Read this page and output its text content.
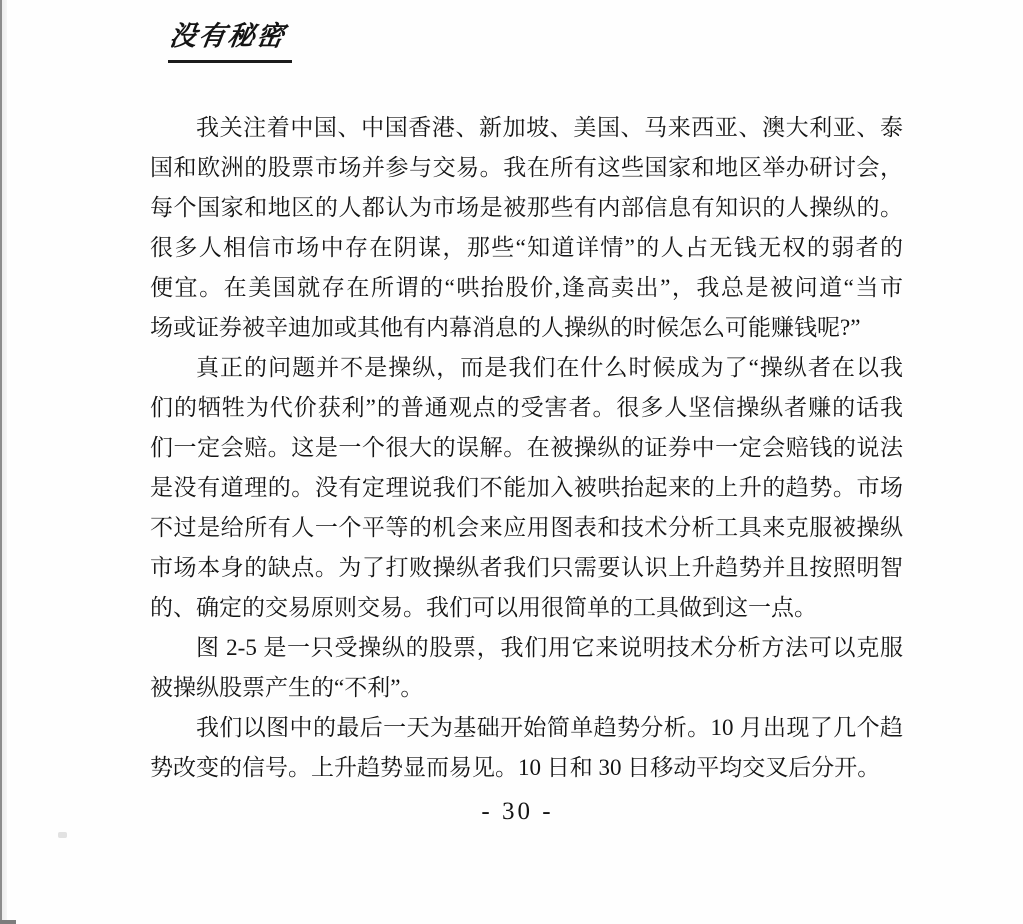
没有秘密
我关注着中国、中国香港、新加坡、美国、马来西亚、澳大利亚、泰
国和欧洲的股票市场并参与交易。我在所有这些国家和地区举办研讨会，
每个国家和地区的人都认为市场是被那些有内部信息有知识的人操纵的。
很多人相信市场中存在阴谋，那些“知道详情”的人占无钱无权的弱者的
便宜。在美国就存在所谓的“哄抬股价,逢高卖出”，我总是被问道“当市
场或证券被辛迪加或其他有内幕消息的人操纵的时候怎么可能赚钱呢?”
真正的问题并不是操纵，而是我们在什么时候成为了“操纵者在以我
们的牺牲为代价获利”的普通观点的受害者。很多人坚信操纵者赚的话我
们一定会赔。这是一个很大的误解。在被操纵的证券中一定会赔钱的说法
是没有道理的。没有定理说我们不能加入被哄抬起来的上升的趋势。市场
不过是给所有人一个平等的机会来应用图表和技术分析工具来克服被操纵
市场本身的缺点。为了打败操纵者我们只需要认识上升趋势并且按照明智
的、确定的交易原则交易。我们可以用很简单的工具做到这一点。
图 2-5 是一只受操纵的股票，我们用它来说明技术分析方法可以克服
被操纵股票产生的“不利”。
我们以图中的最后一天为基础开始简单趋势分析。10 月出现了几个趋
势改变的信号。上升趋势显而易见。10 日和 30 日移动平均交叉后分开。
- 30 -
